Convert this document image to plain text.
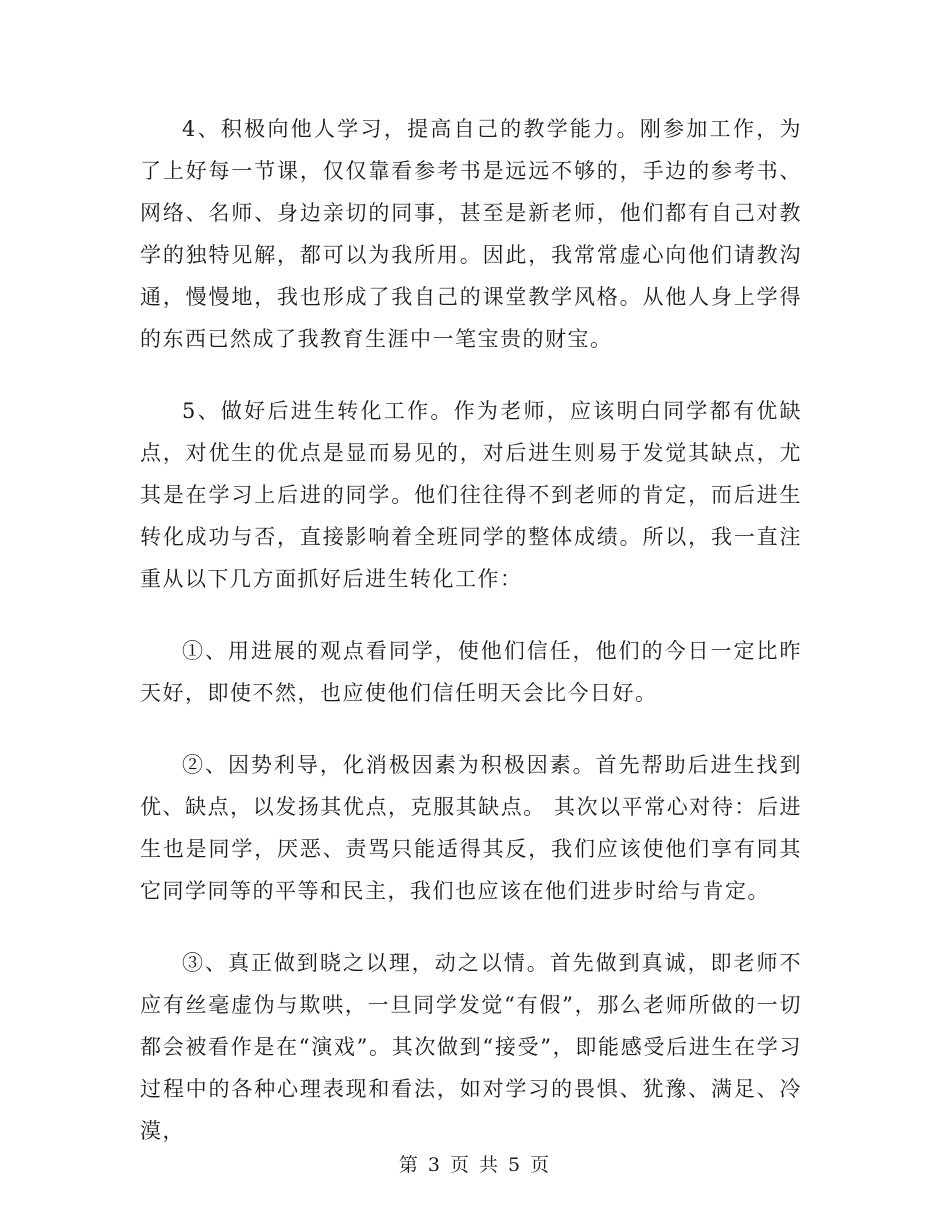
4、积极向他人学习，提高自己的教学能力。刚参加工作，为了上好每一节课，仅仅靠看参考书是远远不够的，手边的参考书、网络、名师、身边亲切的同事，甚至是新老师，他们都有自己对教学的独特见解，都可以为我所用。因此，我常常虚心向他们请教沟通，慢慢地，我也形成了我自己的课堂教学风格。从他人身上学得的东西已然成了我教育生涯中一笔宝贵的财宝。

5、做好后进生转化工作。作为老师，应该明白同学都有优缺点，对优生的优点是显而易见的，对后进生则易于发觉其缺点，尤其是在学习上后进的同学。他们往往得不到老师的肯定，而后进生转化成功与否，直接影响着全班同学的整体成绩。所以，我一直注重从以下几方面抓好后进生转化工作：

①、用进展的观点看同学，使他们信任，他们的今日一定比昨天好，即使不然，也应使他们信任明天会比今日好。

②、因势利导，化消极因素为积极因素。首先帮助后进生找到优、缺点，以发扬其优点，克服其缺点。 其次以平常心对待：后进生也是同学，厌恶、责骂只能适得其反，我们应该使他们享有同其它同学同等的平等和民主，我们也应该在他们进步时给与肯定。

③、真正做到晓之以理，动之以情。首先做到真诚，即老师不应有丝毫虚伪与欺哄，一旦同学发觉“有假”，那么老师所做的一切都会被看作是在“演戏”。其次做到“接受”，即能感受后进生在学习过程中的各种心理表现和看法，如对学习的畏惧、犹豫、满足、冷漠，

第 3 页 共 5 页
